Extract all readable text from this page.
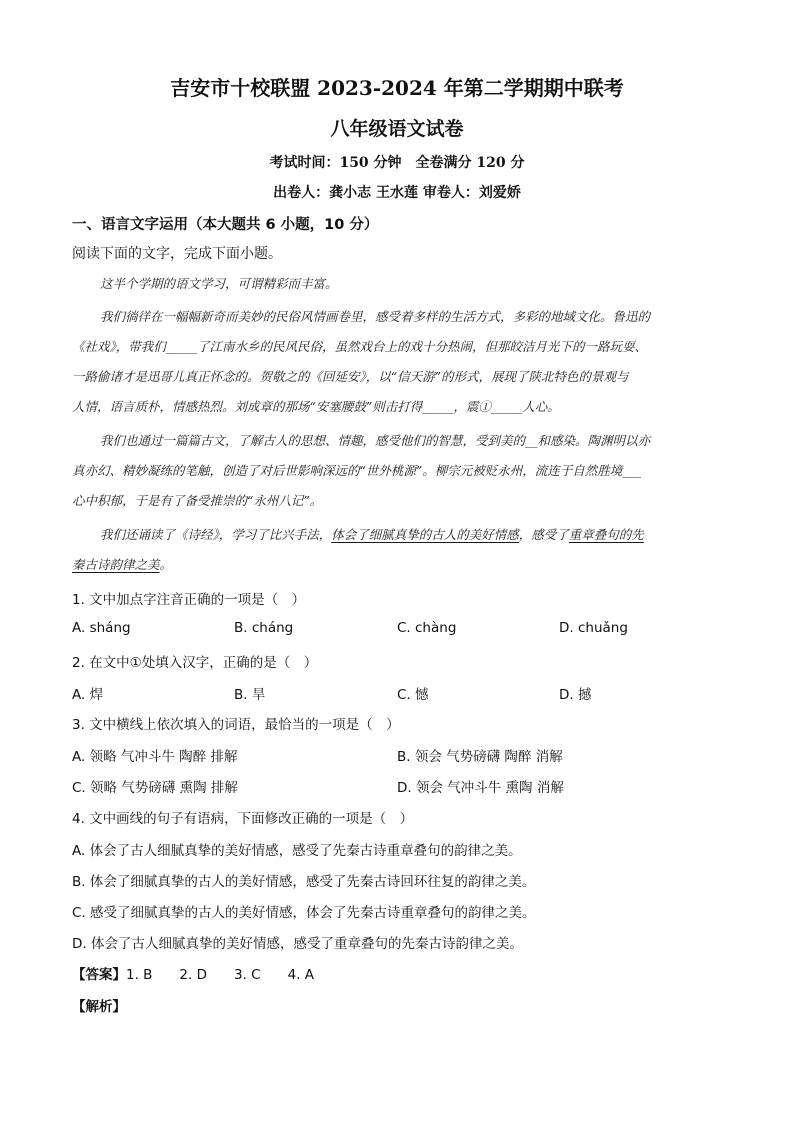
吉安市十校联盟 2023-2024 年第二学期期中联考
八年级语文试卷
考试时间：150 分钟　全卷满分 120 分
出卷人：龚小志 王水莲 审卷人：刘爱娇
一、语言文字运用（本大题共 6 小题，10 分）
阅读下面的文字，完成下面小题。
这半个学期的语文学习，可谓精彩而丰富。
我们徜徉在一幅幅新奇而美妙的民俗风情画卷里，感受着多样的生活方式，多彩的地域文化。鲁迅的
《社戏》，带我们_____了江南水乡的民风民俗，虽然戏台上的戏十分热闹，但那皎洁月光下的一路玩耍、
一路偷诸才是迅哥儿真正怀念的。贺敬之的《回延安》，以“信天游”的形式，展现了陕北特色的景观与
人情，语言质朴，情感热烈。刘成章的那场“安塞腰鼓”则击打得_____，震①_____人心。
我们也通过一篇篇古文，了解古人的思想、情趣，感受他们的智慧，受到美的__和感染。陶渊明以亦
真亦幻、精妙凝练的笔触，创造了对后世影响深远的“世外桃源”。柳宗元被贬永州，流连于自然胜境___
心中积郁，于是有了备受推崇的“永州八记”。
我们还诵读了《诗经》，学习了比兴手法，体会了细腻真挚的古人的美好情感，感受了重章叠句的先
秦古诗韵律之美。
1. 文中加点字注音正确的一项是（　）
A. sháng	B. cháng	C. chàng	D. chuǎng
2. 在文中①处填入汉字，正确的是（　）
A. 焊	B. 旱	C. 憾	D. 撼
3. 文中横线上依次填入的词语，最恰当的一项是（　）
A. 领略 气冲斗牛 陶醉 排解	B. 领会 气势磅礴 陶醉 消解
C. 领略 气势磅礴 熏陶 排解	D. 领会 气冲斗牛 熏陶 消解
4. 文中画线的句子有语病，下面修改正确的一项是（　）
A. 体会了古人细腻真挚的美好情感，感受了先秦古诗重章叠句的韵律之美。
B. 体会了细腻真挚的古人的美好情感，感受了先秦古诗回环往复的韵律之美。
C. 感受了细腻真挚的古人的美好情感，体会了先秦古诗重章叠句的韵律之美。
D. 体会了古人细腻真挚的美好情感，感受了重章叠句的先秦古诗韵律之美。
【答案】1. B　　2. D　　3. C　　4. A
【解析】
